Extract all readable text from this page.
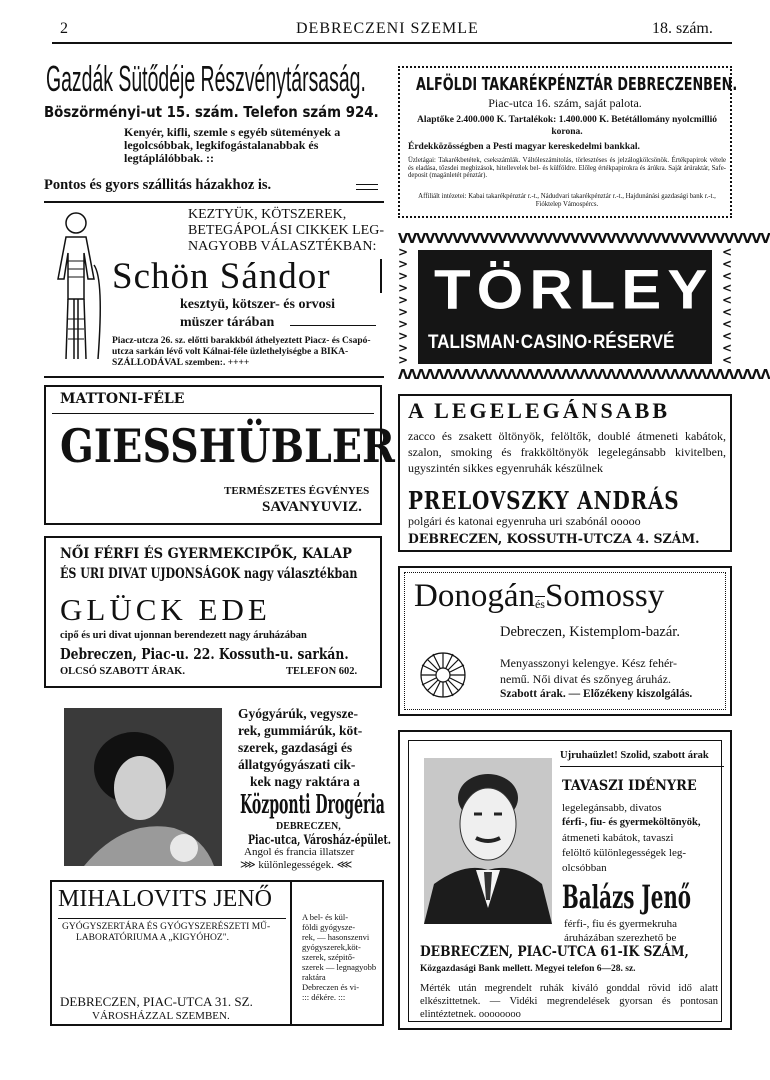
2	DEBRECZENI SZEMLE	18. szám.
Gazdák Sütődéje Részvénytársaság.
Böszörményi-ut 15. szám. Telefon szám 924.
Kenyér, kifli, szemle s egyéb sütemények a legolcsóbbak, legkifogástalanabbak és legtáplálóbbak. ::
Pontos és gyors szállitás házakhoz is.
KEZTYÜK, KÖTSZEREK,
BETEGÁPOLÁSI CIKKEK LEG-
NAGYOBB VÁLASZTÉKBAN:
Schön Sándor
kesztyü, kötszer- és orvosi
müszer tárában
Piacz-utcza 26. sz. előtti barakkból áthelyeztett Piacz- és Csapó-utcza sarkán lévő volt Kálnai-féle üzlethelyiségbe a BIKA-SZÁLLODÁVAL szemben:. ++++
MATTONI-FÉLE
GIESSHÜBLER
TERMÉSZETES ÉGVÉNYES
SAVANYUVIZ.
NŐI FÉRFI ÉS GYERMEKCIPŐK, KALAP
ÉS URI DIVAT UJDONSÁGOK nagy választékban
GLÜCK EDE
cipő és uri divat ujonnan berendezett nagy áruházában
Debreczen, Piac-u. 22. Kossuth-u. sarkán.
OLCSÓ SZABOTT ÁRAK.	TELEFON 602.
Gyógyárúk, vegysze-
rek, gummiárúk, köt-
szerek, gazdasági és
állatgyógyászati cik-
kek nagy raktára a
Központi Drogéria
DEBRECZEN,
Piac-utca, Városház-épület.
Angol és francia illatszer
⋙ különlegességek. ⋘
MIHALOVITS JENŐ
GYÓGYSZERTÁRA ÉS GYÓGYSZERÉSZETI MŰ-
LABORATÓRIUMA A „KIGYÓHOZ".
DEBRECZEN, PIAC-UTCA 31. SZ.
VÁROSHÁZZAL SZEMBEN.
A bel- és kül-
földi gyógysze-
rek, — hasonszenvi
gyógyszerek,köt-
szerek, szépitő-
szerek — legnagyobb
raktára
Debreczen és vi-
::: dékére. :::
ALFÖLDI TAKARÉKPÉNZTÁR DEBRECZENBEN.
Piac-utca 16. szám, saját palota.
Alaptőke 2.400.000 K. Tartalékok: 1.400.000 K. Betétállomány nyolcmillió korona.
Érdekközösségben a Pesti magyar kereskedelmi bankkal.
Üzletágai: Takarékbetétek, csekszámlák. Váltóleszámitolás, törlesztéses és jelzálogkölcsönök. Értékpapirok vétele és eladása, tőzsdei megbizások, hitellevelek bel- és külföldre. Előleg értékpapirokra és árúkra. Saját árúraktár, Safe-deposit (magánletét pénztár).
Affiliált intézetei: Kabai takarékpénztár r.-t., Nádudvari takarékpénztár r.-t., Hajdunánási gazdasági bank r.-t., Fióktelep Vámospércs.
VVVVVVVVVVVVVVVVVVVVVVVVVVVVVVVVVVVVVVVVV
ΛΛΛΛΛΛΛΛΛΛΛΛΛΛΛΛΛΛΛΛΛΛΛΛΛΛΛΛΛΛΛΛΛΛΛΛΛΛΛΛΛ
>
>
>
>
>
>
>
>
>
>
<
<
<
<
<
<
<
<
<
<
TÖRLEY
TALISMAN·CASINO·RÉSERVÉ
A LEGELEGÁNSABB
zacco és zsakett öltönyök, felöltők, doublé átmeneti kabátok, szalon, smoking és frakköltönyök legelegánsabb kivitelben, ugyszintén sikkes egyenruhák készülnek
PRELOVSZKY ANDRÁS
polgári és katonai egyenruha uri szabónál ooooo
DEBRECZEN, KOSSUTH-UTCZA 4. SZÁM.
$Donogán\overline{és}Somossy$
Debreczen, Kistemplom-bazár.
Menyasszonyi kelengye. Kész fehér-
nemű. Női divat és szőnyeg áruház.
Szabott árak. — Előzékeny kiszolgálás.
Ujruhaüzlet! Szolid, szabott árak
TAVASZI IDÉNYRE
legelegánsabb, divatos
férfi-, fiu- és gyermeköltönyök,
átmeneti kabátok, tavaszi
felöltő különlegességek leg-
olcsóbban
Balázs Jenő
férfi-, fiu és gyermekruha
áruházában szerezhető be
DEBRECZEN, PIAC-UTCA 61-IK SZÁM,
Közgazdasági Bank mellett. Megyei telefon 6—28. sz.
Mérték után megrendelt ruhák kiváló gonddal rövid idő alatt elkészittetnek. — Vidéki megrendelések gyorsan és pontosan elintéztetnek. oooooooo
